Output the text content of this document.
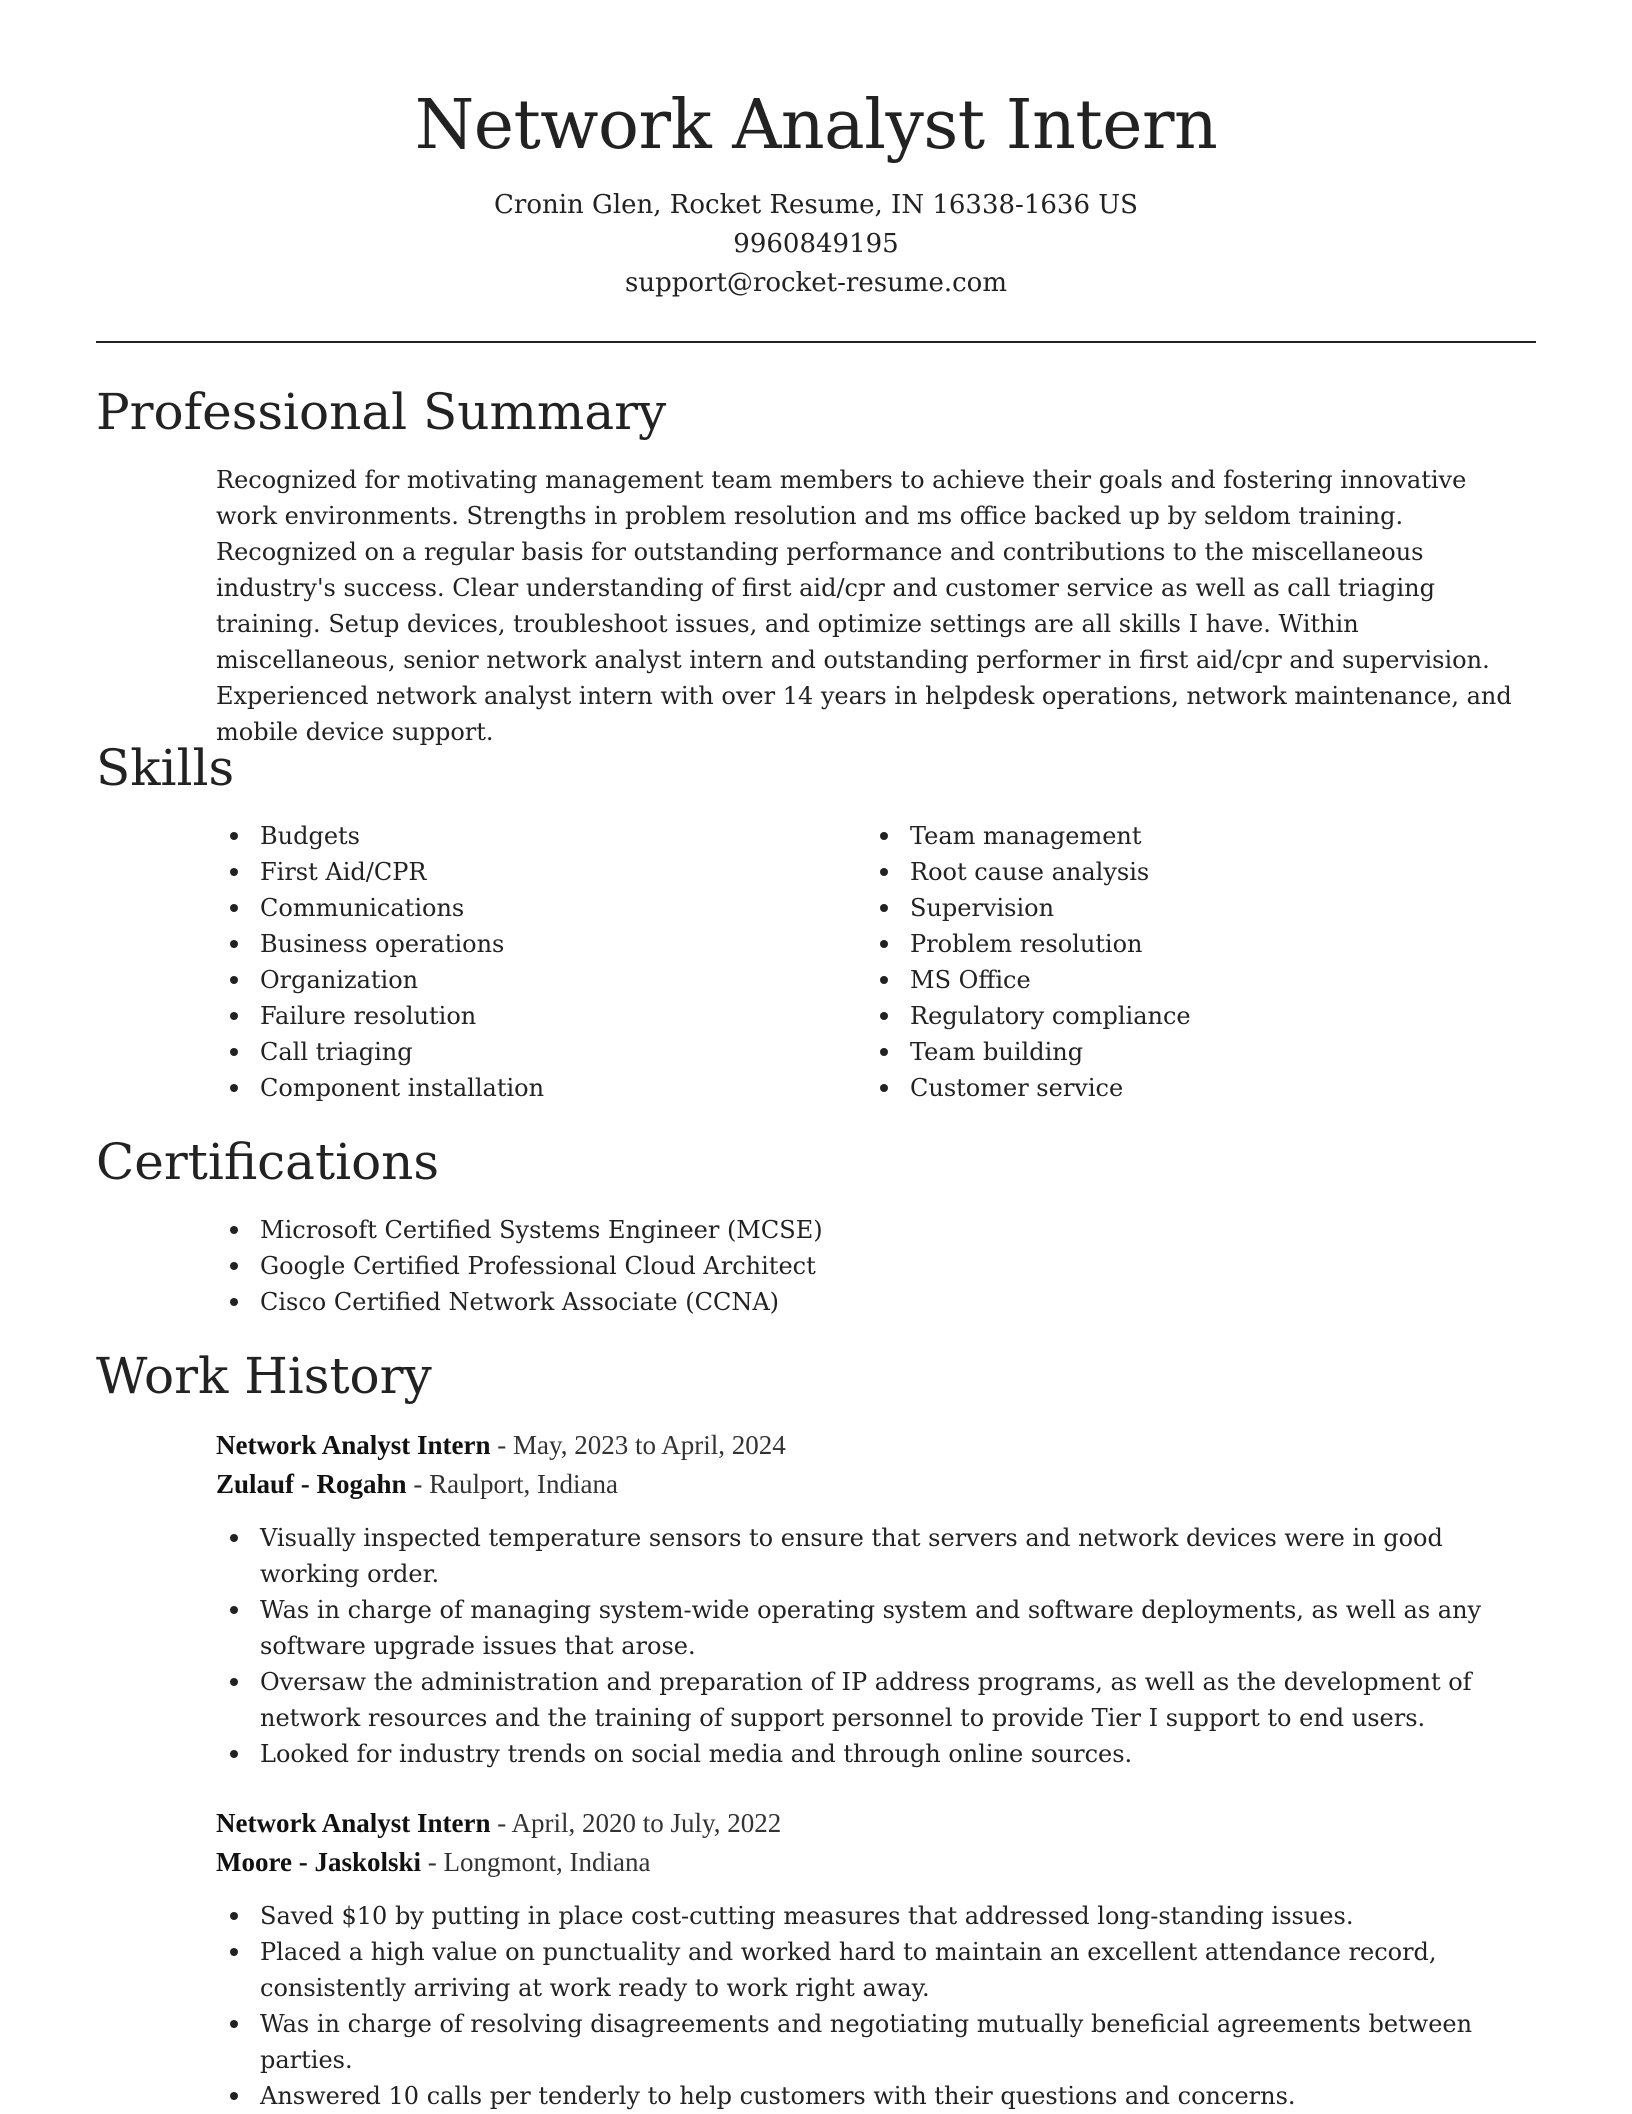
Network Analyst Intern
Cronin Glen, Rocket Resume, IN 16338-1636 US
9960849195
support@rocket-resume.com
Professional Summary

Recognized for motivating management team members to achieve their goals and fostering innovative work environments. Strengths in problem resolution and ms office backed up by seldom training. Recognized on a regular basis for outstanding performance and contributions to the miscellaneous industry's success. Clear understanding of first aid/cpr and customer service as well as call triaging training. Setup devices, troubleshoot issues, and optimize settings are all skills I have. Within miscellaneous, senior network analyst intern and outstanding performer in first aid/cpr and supervision. Experienced network analyst intern with over 14 years in helpdesk operations, network maintenance, and mobile device support.

Skills
Budgets
First Aid/CPR
Communications
Business operations
Organization
Failure resolution
Call triaging
Component installation
Team management
Root cause analysis
Supervision
Problem resolution
MS Office
Regulatory compliance
Team building
Customer service
Certifications
Microsoft Certified Systems Engineer (MCSE)
Google Certified Professional Cloud Architect
Cisco Certified Network Associate (CCNA)
Work History
Network Analyst Intern - May, 2023 to April, 2024
Zulauf - Rogahn - Raulport, Indiana
Visually inspected temperature sensors to ensure that servers and network devices were in good working order.
Was in charge of managing system-wide operating system and software deployments, as well as any software upgrade issues that arose.
Oversaw the administration and preparation of IP address programs, as well as the development of network resources and the training of support personnel to provide Tier I support to end users.
Looked for industry trends on social media and through online sources.
Network Analyst Intern - April, 2020 to July, 2022
Moore - Jaskolski - Longmont, Indiana
Saved $10 by putting in place cost-cutting measures that addressed long-standing issues.
Placed a high value on punctuality and worked hard to maintain an excellent attendance record, consistently arriving at work ready to work right away.
Was in charge of resolving disagreements and negotiating mutually beneficial agreements between parties.
Answered 10 calls per tenderly to help customers with their questions and concerns.
